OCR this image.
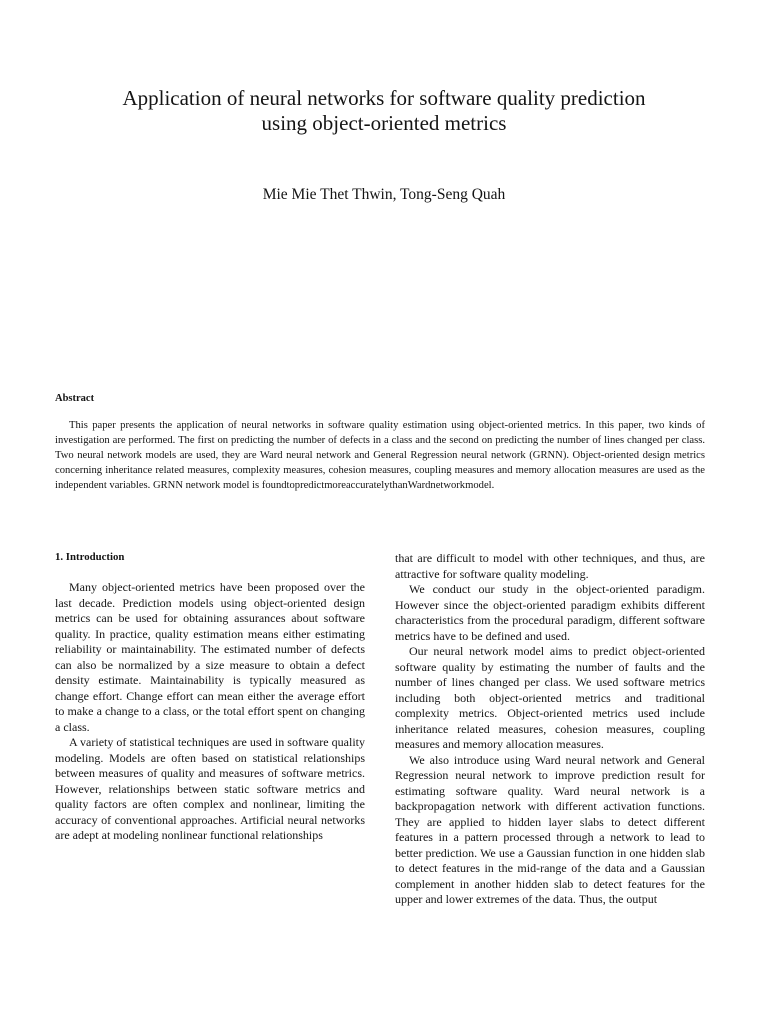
Application of neural networks for software quality prediction
using object-oriented metrics
Mie Mie Thet Thwin, Tong-Seng Quah
Abstract

This paper presents the application of neural networks in software quality estimation using object-oriented metrics. In this paper, two kinds of investigation are performed. The first on predicting the number of defects in a class and the second on predicting the number of lines changed per class. Two neural network models are used, they are Ward neural network and General Regression neural network (GRNN). Object-oriented design metrics concerning inheritance related measures, complexity measures, cohesion measures, coupling measures and memory allocation measures are used as the independent variables. GRNN network model is foundtopredictmoreaccuratelythanWardnetworkmodel.

1. Introduction

Many object-oriented metrics have been proposed over the last decade. Prediction models using object-oriented design metrics can be used for obtaining assurances about software quality. In practice, quality estimation means either estimating reliability or maintainability. The estimated number of defects can also be normalized by a size measure to obtain a defect density estimate. Maintainability is typically measured as change effort. Change effort can mean either the average effort to make a change to a class, or the total effort spent on changing a class.

A variety of statistical techniques are used in software quality modeling. Models are often based on statistical relationships between measures of quality and measures of software metrics. However, relationships between static software metrics and quality factors are often complex and nonlinear, limiting the accuracy of conventional approaches. Artificial neural networks are adept at modeling nonlinear functional relationships

that are difficult to model with other techniques, and thus, are attractive for software quality modeling.

We conduct our study in the object-oriented paradigm. However since the object-oriented paradigm exhibits different characteristics from the procedural paradigm, different software metrics have to be defined and used.

Our neural network model aims to predict object-oriented software quality by estimating the number of faults and the number of lines changed per class. We used software metrics including both object-oriented metrics and traditional complexity metrics. Object-oriented metrics used include inheritance related measures, cohesion measures, coupling measures and memory allocation measures.

We also introduce using Ward neural network and General Regression neural network to improve prediction result for estimating software quality. Ward neural network is a backpropagation network with different activation functions. They are applied to hidden layer slabs to detect different features in a pattern processed through a network to lead to better prediction. We use a Gaussian function in one hidden slab to detect features in the mid-range of the data and a Gaussian complement in another hidden slab to detect features for the upper and lower extremes of the data. Thus, the output
